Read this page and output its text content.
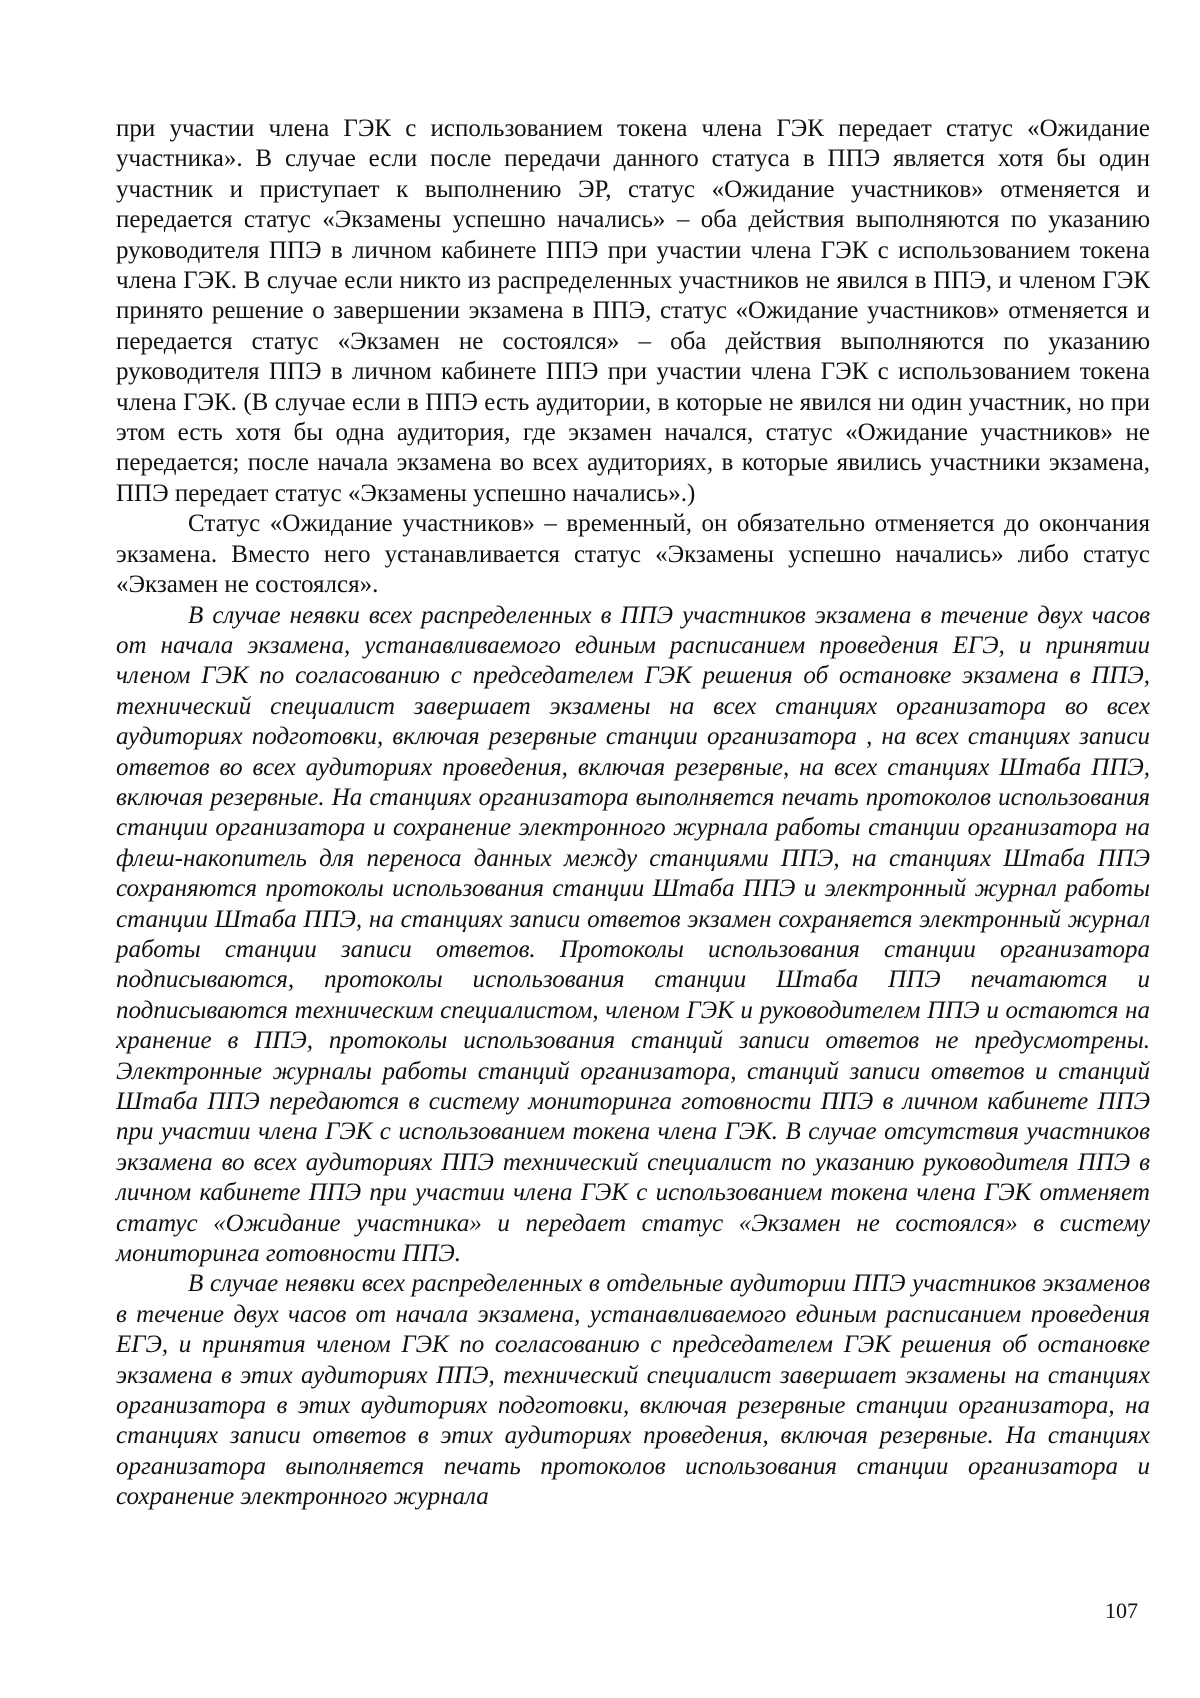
при участии члена ГЭК с использованием токена члена ГЭК передает статус «Ожидание участника». В случае если после передачи данного статуса в ППЭ является хотя бы один участник и приступает к выполнению ЭР, статус «Ожидание участников» отменяется и передается статус «Экзамены успешно начались» – оба действия выполняются по указанию руководителя ППЭ в личном кабинете ППЭ при участии члена ГЭК с использованием токена члена ГЭК. В случае если никто из распределенных участников не явился в ППЭ, и членом ГЭК принято решение о завершении экзамена в ППЭ, статус «Ожидание участников» отменяется и передается статус «Экзамен не состоялся» – оба действия выполняются по указанию руководителя ППЭ в личном кабинете ППЭ при участии члена ГЭК с использованием токена члена ГЭК. (В случае если в ППЭ есть аудитории, в которые не явился ни один участник, но при этом есть хотя бы одна аудитория, где экзамен начался, статус «Ожидание участников» не передается; после начала экзамена во всех аудиториях, в которые явились участники экзамена, ППЭ передает статус «Экзамены успешно начались».)

Статус «Ожидание участников» – временный, он обязательно отменяется до окончания экзамена. Вместо него устанавливается статус «Экзамены успешно начались» либо статус «Экзамен не состоялся».

В случае неявки всех распределенных в ППЭ участников экзамена в течение двух часов от начала экзамена, устанавливаемого единым расписанием проведения ЕГЭ, и принятии членом ГЭК по согласованию с председателем ГЭК решения об остановке экзамена в ППЭ, технический специалист завершает экзамены на всех станциях организатора во всех аудиториях подготовки, включая резервные станции организатора , на всех станциях записи ответов во всех аудиториях проведения, включая резервные, на всех станциях Штаба ППЭ, включая резервные. На станциях организатора выполняется печать протоколов использования станции организатора и сохранение электронного журнала работы станции организатора на флеш-накопитель для переноса данных между станциями ППЭ, на станциях Штаба ППЭ сохраняются протоколы использования станции Штаба ППЭ и электронный журнал работы станции Штаба ППЭ, на станциях записи ответов экзамен сохраняется электронный журнал работы станции записи ответов. Протоколы использования станции организатора подписываются, протоколы использования станции Штаба ППЭ печатаются и подписываются техническим специалистом, членом ГЭК и руководителем ППЭ и остаются на хранение в ППЭ, протоколы использования станций записи ответов не предусмотрены. Электронные журналы работы станций организатора, станций записи ответов и станций Штаба ППЭ передаются в систему мониторинга готовности ППЭ в личном кабинете ППЭ при участии члена ГЭК с использованием токена члена ГЭК. В случае отсутствия участников экзамена во всех аудиториях ППЭ технический специалист по указанию руководителя ППЭ в личном кабинете ППЭ при участии члена ГЭК с использованием токена члена ГЭК отменяет статус «Ожидание участника» и передает статус «Экзамен не состоялся» в систему мониторинга готовности ППЭ.

В случае неявки всех распределенных в отдельные аудитории ППЭ участников экзаменов в течение двух часов от начала экзамена, устанавливаемого единым расписанием проведения ЕГЭ, и принятия членом ГЭК по согласованию с председателем ГЭК решения об остановке экзамена в этих аудиториях ППЭ, технический специалист завершает экзамены на станциях организатора в этих аудиториях подготовки, включая резервные станции организатора, на станциях записи ответов в этих аудиториях проведения, включая резервные. На станциях организатора выполняется печать протоколов использования станции организатора и сохранение электронного журнала

107
